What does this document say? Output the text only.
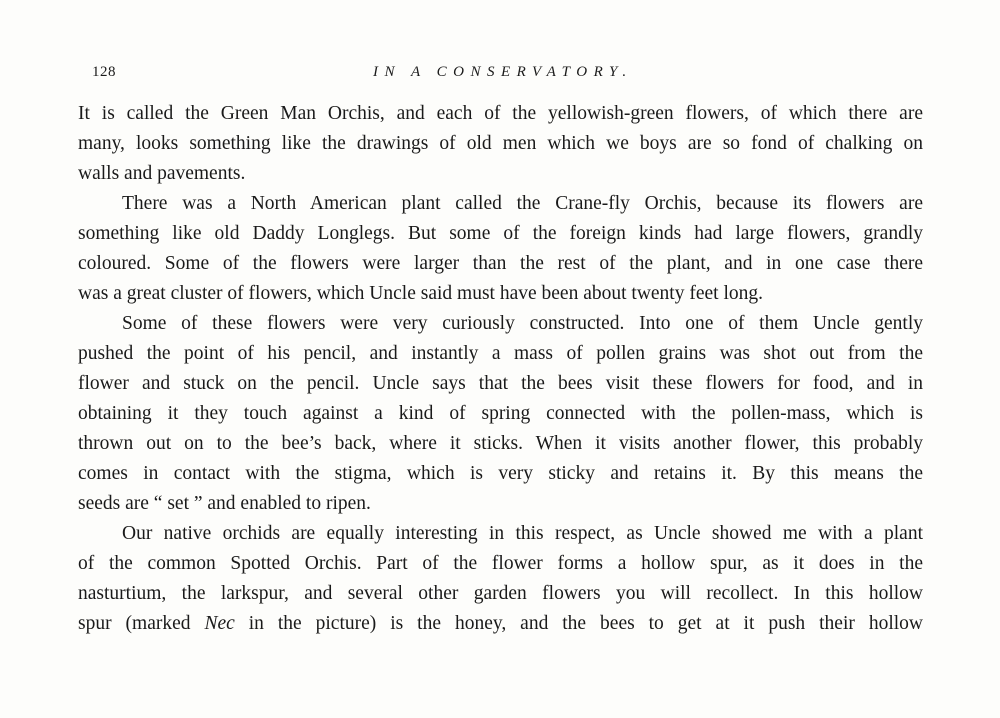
128	IN A CONSERVATORY.
It is called the Green Man Orchis, and each of the yellowish-green flowers, of which there are
many, looks something like the drawings of old men which we boys are so fond of chalking on
walls and pavements.
There was a North American plant called the Crane-fly Orchis, because its flowers are
something like old Daddy Longlegs. But some of the foreign kinds had large flowers, grandly
coloured. Some of the flowers were larger than the rest of the plant, and in one case there
was a great cluster of flowers, which Uncle said must have been about twenty feet long.
Some of these flowers were very curiously constructed. Into one of them Uncle gently
pushed the point of his pencil, and instantly a mass of pollen grains was shot out from the
flower and stuck on the pencil. Uncle says that the bees visit these flowers for food, and in
obtaining it they touch against a kind of spring connected with the pollen-mass, which is
thrown out on to the bee’s back, where it sticks. When it visits another flower, this probably
comes in contact with the stigma, which is very sticky and retains it. By this means the
seeds are “ set ” and enabled to ripen.
Our native orchids are equally interesting in this respect, as Uncle showed me with a plant
of the common Spotted Orchis. Part of the flower forms a hollow spur, as it does in the
nasturtium, the larkspur, and several other garden flowers you will recollect. In this hollow
spur (marked Nec in the picture) is the honey, and the bees to get at it push their hollow
